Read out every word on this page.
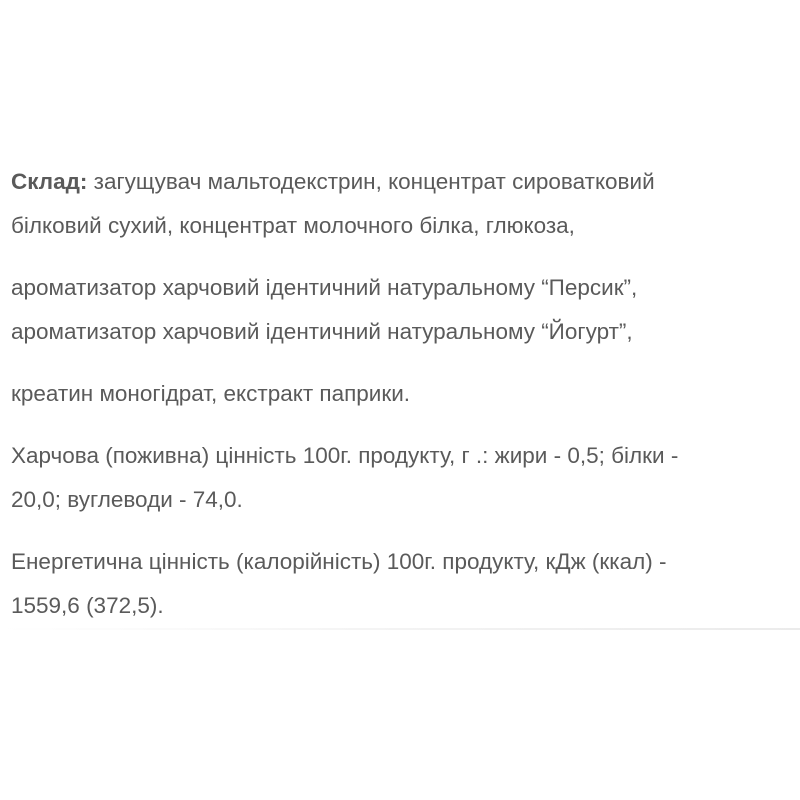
Склад: загущувач мальтодекстрин, концентрат сироватковий
білковий сухий, концентрат молочного білка, глюкоза,

ароматизатор харчовий ідентичний натуральному “Персик”,
ароматизатор харчовий ідентичний натуральному “Йогурт”,

креатин моногідрат, екстракт паприки.

Харчова (поживна) цінність 100г. продукту, г .: жири - 0,5; білки -
20,0; вуглеводи - 74,0.

Енергетична цінність (калорійність) 100г. продукту, кДж (ккал) -
1559,6 (372,5).
